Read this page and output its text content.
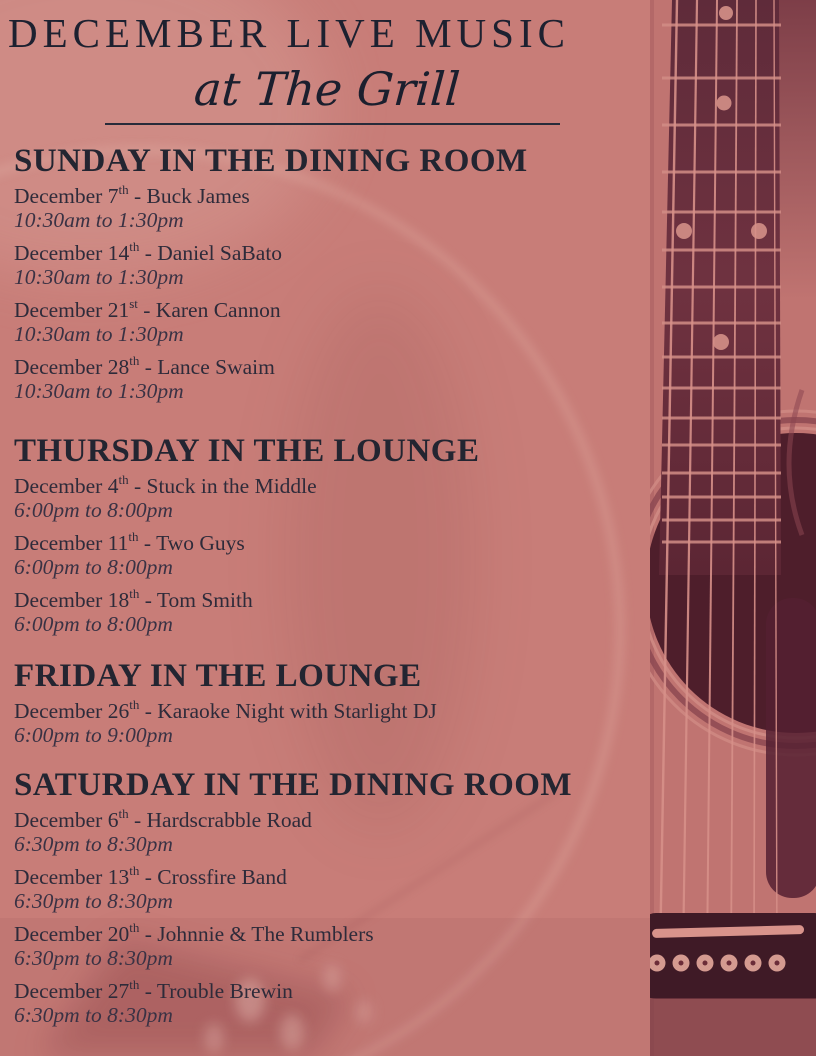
DECEMBER LIVE MUSIC
at The Grill
SUNDAY IN THE DINING ROOM

December 7th - Buck James

10:30am to 1:30pm

December 14th - Daniel SaBato

10:30am to 1:30pm

December 21st - Karen Cannon

10:30am to 1:30pm

December 28th - Lance Swaim

10:30am to 1:30pm

THURSDAY IN THE LOUNGE

December 4th - Stuck in the Middle

6:00pm to 8:00pm

December 11th - Two Guys

6:00pm to 8:00pm

December 18th - Tom Smith

6:00pm to 8:00pm

FRIDAY IN THE LOUNGE

December 26th - Karaoke Night with Starlight DJ

6:00pm to 9:00pm

SATURDAY IN THE DINING ROOM

December 6th - Hardscrabble Road

6:30pm to 8:30pm

December 13th - Crossfire Band

6:30pm to 8:30pm

December 20th - Johnnie & The Rumblers

6:30pm to 8:30pm

December 27th - Trouble Brewin

6:30pm to 8:30pm
